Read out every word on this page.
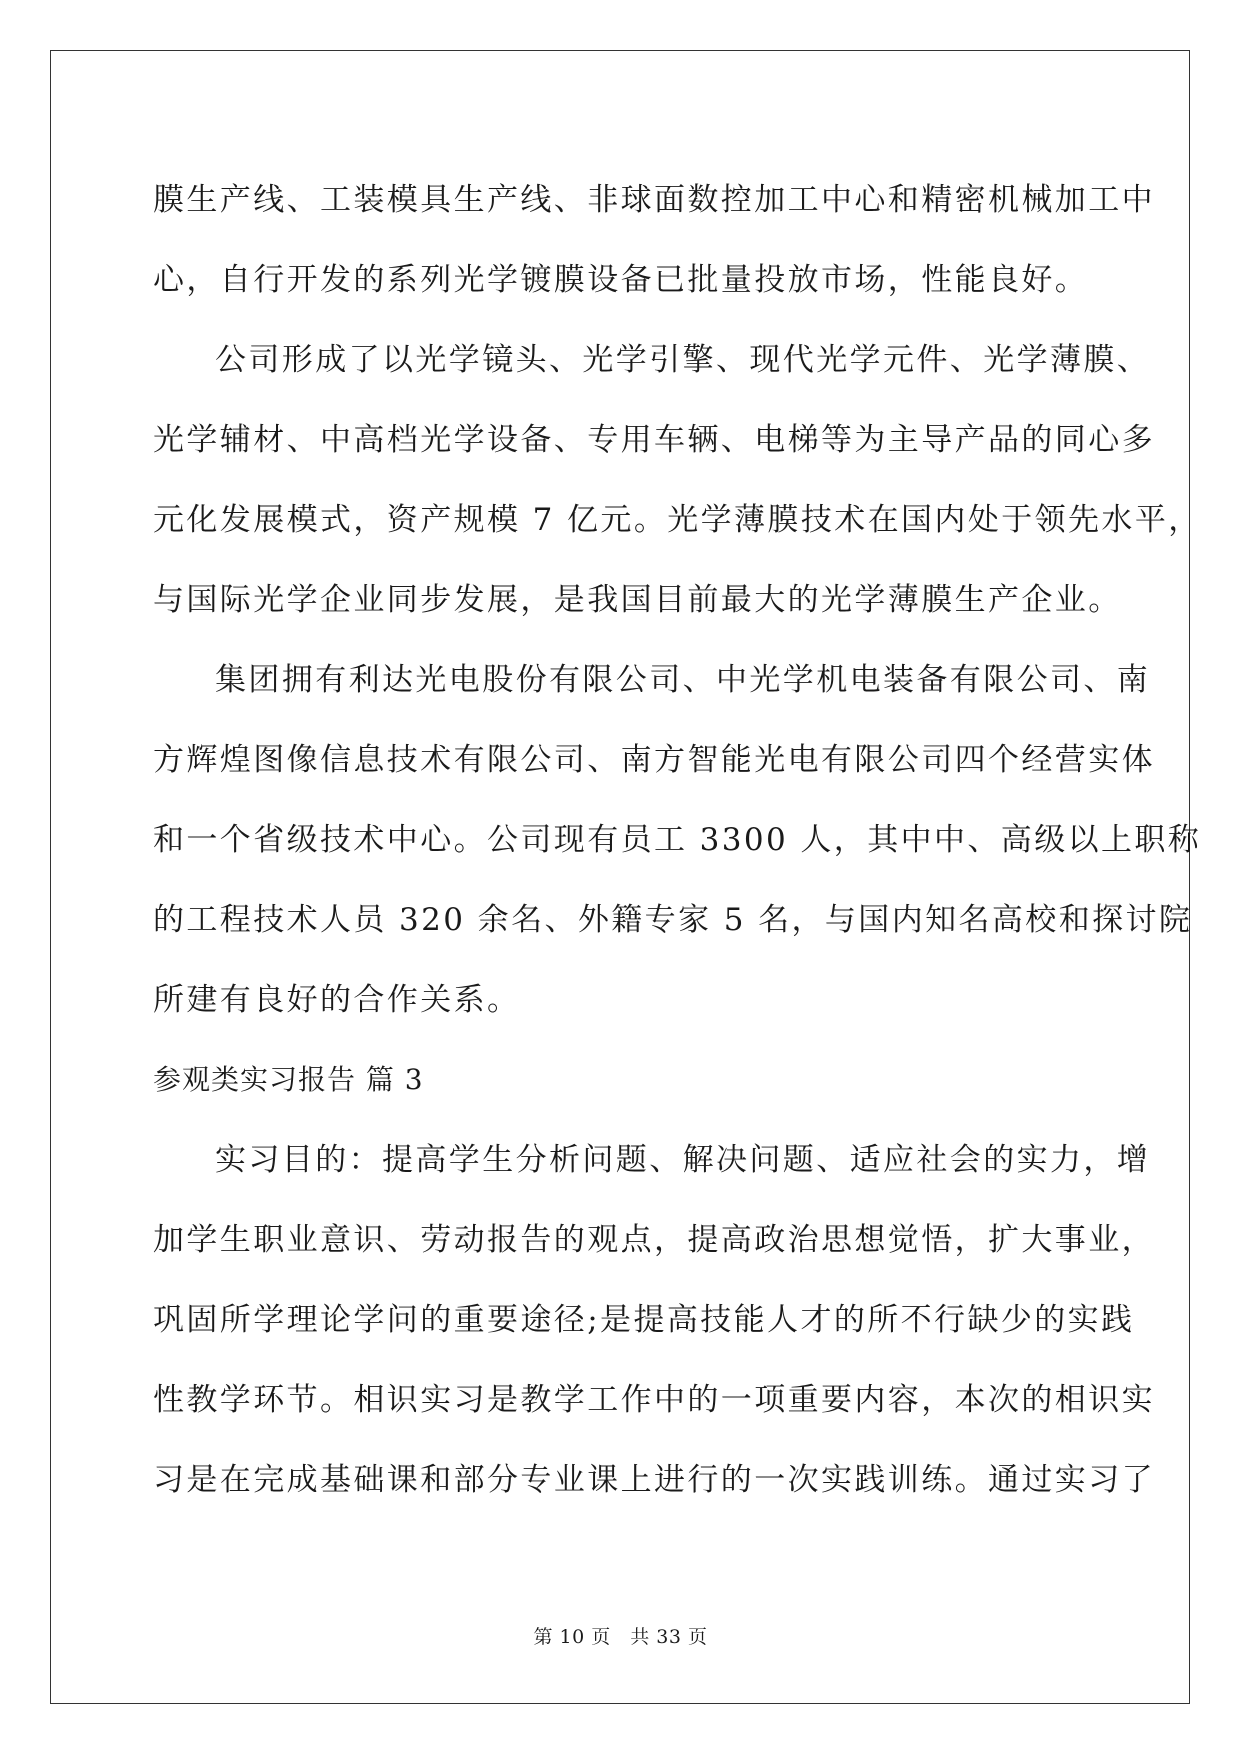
膜生产线、工装模具生产线、非球面数控加工中心和精密机械加工中

心，自行开发的系列光学镀膜设备已批量投放市场，性能良好。

公司形成了以光学镜头、光学引擎、现代光学元件、光学薄膜、

光学辅材、中高档光学设备、专用车辆、电梯等为主导产品的同心多

元化发展模式，资产规模 7 亿元。光学薄膜技术在国内处于领先水平，

与国际光学企业同步发展，是我国目前最大的光学薄膜生产企业。

集团拥有利达光电股份有限公司、中光学机电装备有限公司、南

方辉煌图像信息技术有限公司、南方智能光电有限公司四个经营实体

和一个省级技术中心。公司现有员工 3300 人，其中中、高级以上职称

的工程技术人员 320 余名、外籍专家 5 名，与国内知名高校和探讨院

所建有良好的合作关系。

参观类实习报告 篇 3

实习目的：提高学生分析问题、解决问题、适应社会的实力，增

加学生职业意识、劳动报告的观点，提高政治思想觉悟，扩大事业，

巩固所学理论学问的重要途径;是提高技能人才的所不行缺少的实践

性教学环节。相识实习是教学工作中的一项重要内容，本次的相识实

习是在完成基础课和部分专业课上进行的一次实践训练。通过实习了

第 10 页　共 33 页
